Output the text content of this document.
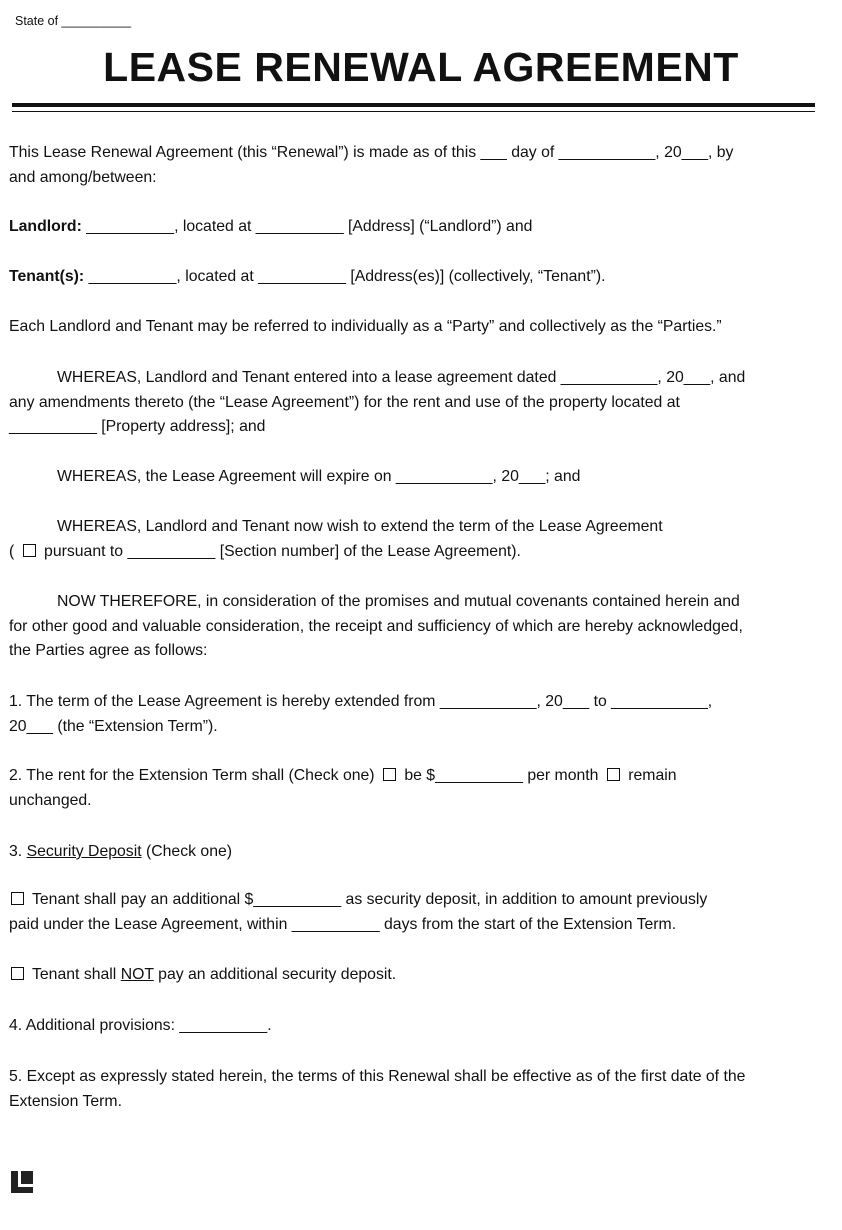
State of __________
LEASE RENEWAL AGREEMENT

This Lease Renewal Agreement (this “Renewal”) is made as of this ___ day of ___________, 20___, by
and among/between:

Landlord: __________, located at __________ [Address] (“Landlord”) and

Tenant(s): __________, located at __________ [Address(es)] (collectively, “Tenant”).

Each Landlord and Tenant may be referred to individually as a “Party” and collectively as the “Parties.”

WHEREAS, Landlord and Tenant entered into a lease agreement dated ___________, 20___, and
any amendments thereto (the “Lease Agreement”) for the rent and use of the property located at
__________ [Property address]; and

WHEREAS, the Lease Agreement will expire on ___________, 20___; and

WHEREAS, Landlord and Tenant now wish to extend the term of the Lease Agreement
( pursuant to __________ [Section number] of the Lease Agreement).

NOW THEREFORE, in consideration of the promises and mutual covenants contained herein and
for other good and valuable consideration, the receipt and sufficiency of which are hereby acknowledged,
the Parties agree as follows:

1. The term of the Lease Agreement is hereby extended from ___________, 20___ to ___________,
20___ (the “Extension Term”).

2. The rent for the Extension Term shall (Check one) be $__________ per month remain
unchanged.

3. Security Deposit (Check one)

Tenant shall pay an additional $__________ as security deposit, in addition to amount previously
paid under the Lease Agreement, within __________ days from the start of the Extension Term.

Tenant shall NOT pay an additional security deposit.

4. Additional provisions: __________.

5. Except as expressly stated herein, the terms of this Renewal shall be effective as of the first date of the
Extension Term.
